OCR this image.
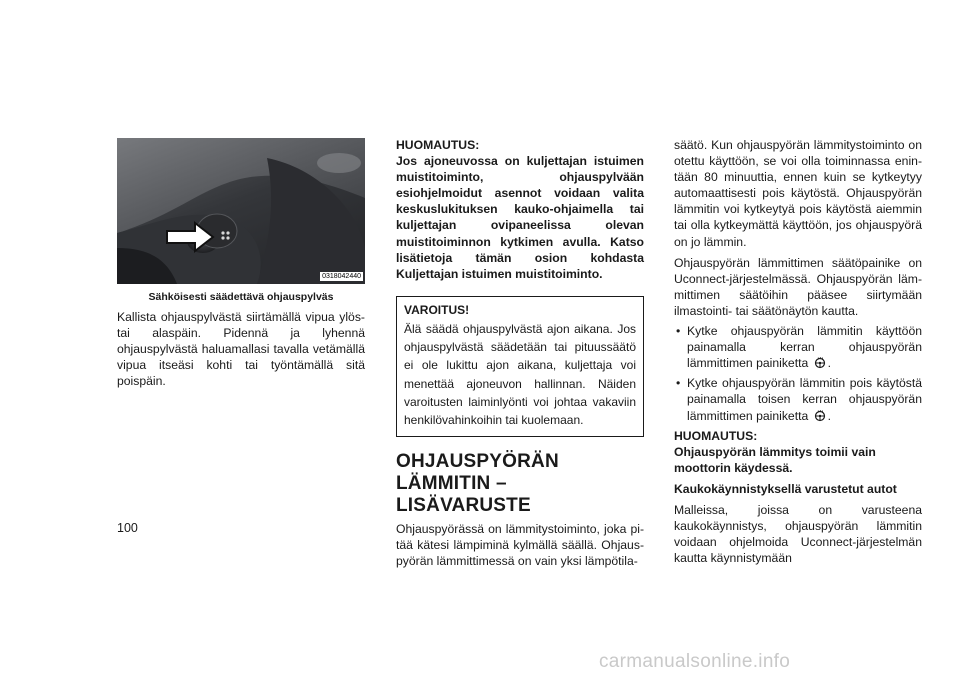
0318042440

Sähköisesti säädettävä ohjauspylväs

Kallista ohjauspylvästä siirtämällä vipua ylös- tai alaspäin. Pidennä ja lyhennä ohjauspylvästä haluamallasi tavalla vetämällä vipua itseäsi kohti tai työntämällä sitä poispäin.

HUOMAUTUS:

Jos ajoneuvossa on kuljettajan istuimen muistitoiminto, ohjauspylvään esiohjelmoidut asennot voidaan valita keskuslukituksen kauko-ohjaimella tai kuljettajan ovipaneelissa olevan muistitoiminnon kytkimen avulla. Katso lisätietoja tämän osion kohdasta Kuljettajan istuimen muistitoiminto.

VAROITUS!

Älä säädä ohjauspylvästä ajon aikana. Jos ohjauspylvästä säädetään tai pituussäätö ei ole lukittu ajon aikana, kuljettaja voi menettää ajoneuvon hallinnan. Näiden varoitusten laiminlyönti voi johtaa vakaviin henkilövahinkoihin tai kuolemaan.

OHJAUSPYÖRÄN LÄMMITIN – LISÄVARUSTE

Ohjauspyörässä on lämmitystoiminto, joka pitää kätesi lämpiminä kylmällä säällä. Ohjauspyörän lämmittimessä on vain yksi lämpötila-

säätö. Kun ohjauspyörän lämmitystoiminto on otettu käyttöön, se voi olla toiminnassa enintään 80 minuuttia, ennen kuin se kytkeytyy automaattisesti pois käytöstä. Ohjauspyörän lämmitin voi kytkeytyä pois käytöstä aiemmin tai olla kytkeymättä käyttöön, jos ohjauspyörä on jo lämmin.

Ohjauspyörän lämmittimen säätöpainike on Uconnect-järjestelmässä. Ohjauspyörän lämmittimen säätöihin pääsee siirtymään ilmastointi- tai säätönäytön kautta.

• Kytke ohjauspyörän lämmitin käyttöön painamalla kerran ohjauspyörän lämmittimen painiketta .
• Kytke ohjauspyörän lämmitin pois käytöstä painamalla toisen kerran ohjauspyörän lämmittimen painiketta .

HUOMAUTUS:

Ohjauspyörän lämmitys toimii vain moottorin käydessä.

Kaukokäynnistyksellä varustetut autot

Malleissa, joissa on varusteena kaukokäynnistys, ohjauspyörän lämmitin voidaan ohjelmoida Uconnect-järjestelmän kautta käynnistymään

100
carmanualsonline.info
